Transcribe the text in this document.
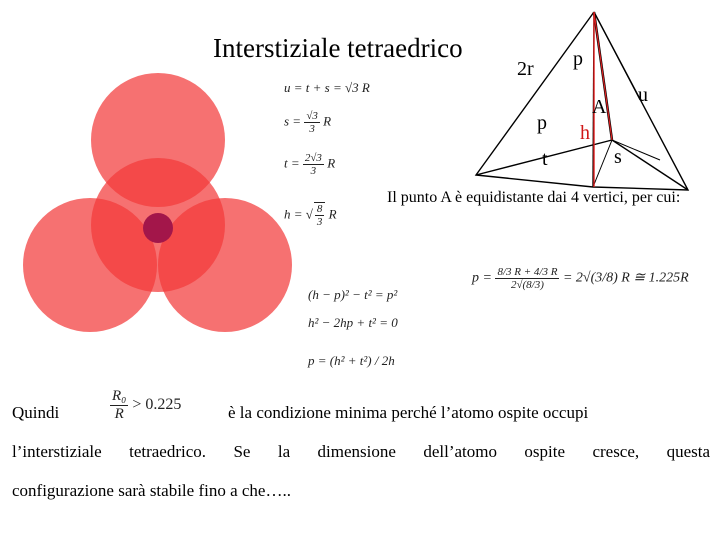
Interstiziale tetraedrico
2r p
A
u
p h
t	s
u = t + s = √3 R
$s = \frac{√3}{3}$ R
$t = \frac{2√3}{3}$ R
h = √ $\frac{8}{3}$ R
Il punto A è equidistante dai 4 vertici, per cui:
(h − p)² − t² = p²
h² − 2hp + t² = 0
p = (h² + t²) / 2h
$p = \frac{8/3 R + 4/3 R}{2√(8/3)} = 2√(3/8)$ R ≅ 1.225R
Quindi	$\frac{\text{R₀}}{R} > 0.225$	è la condizione minima perché l’atomo ospite occupi
l’interstiziale tetraedrico. Se la dimensione dell’atomo ospite cresce, questa
configurazione sarà stabile fino a che…..
